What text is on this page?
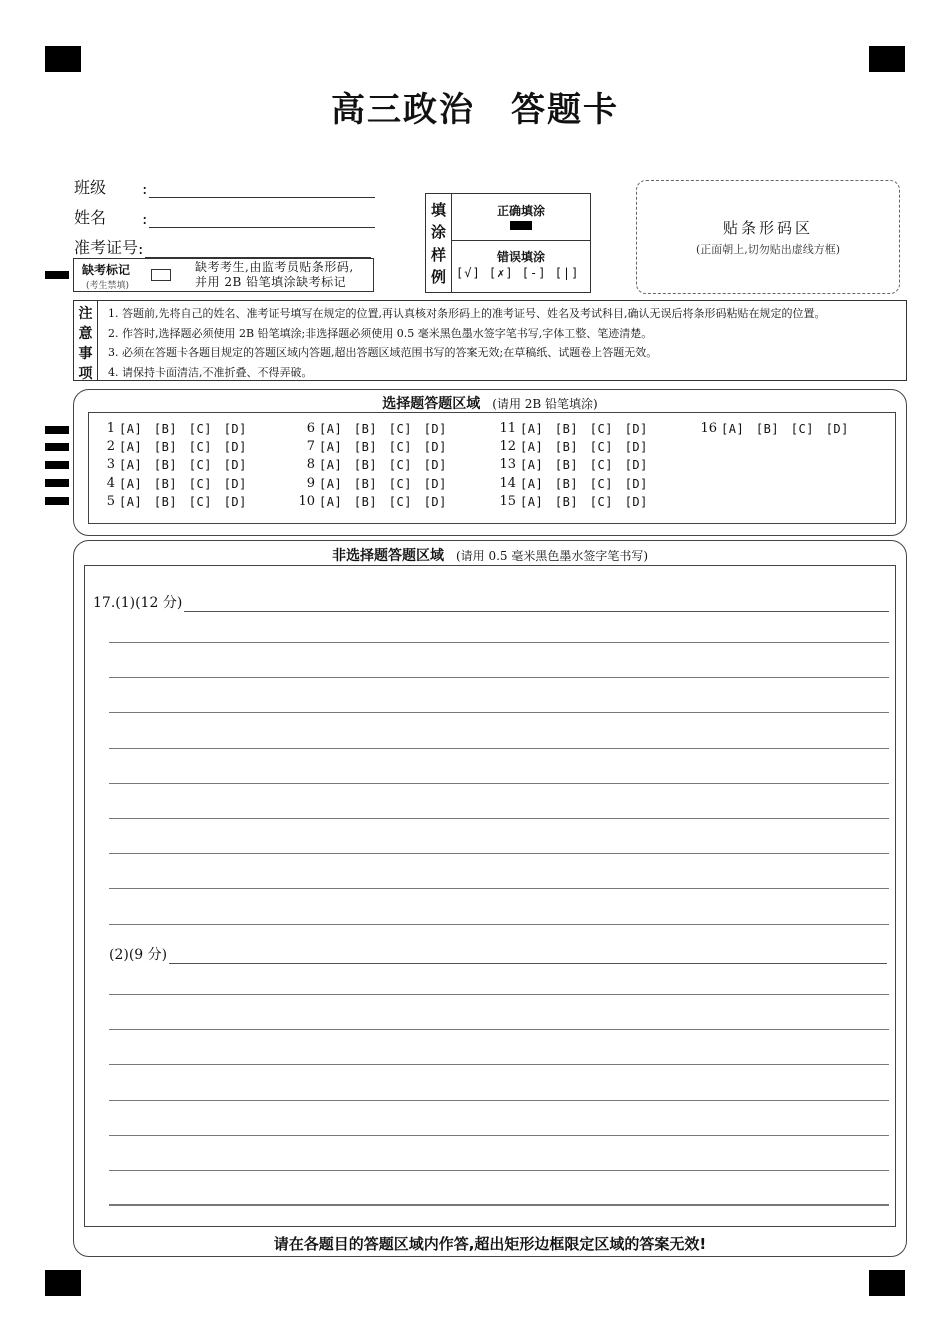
高三政治 答题卡
班级	:
姓名	:
准考证号 :
缺考标记
(考生禁填)
缺考考生,由监考员贴条形码,
并用 2B 铅笔填涂缺考标记
填
涂
样
例
正确填涂
错误填涂
[√] [✗] [-] [|]
贴条形码区
(正面朝上,切勿贴出虚线方框)
注
意
事
项
1. 答题前,先将自己的姓名、准考证号填写在规定的位置,再认真核对条形码上的准考证号、姓名及考试科目,确认无误后将条形码粘贴在规定的位置。
2. 作答时,选择题必须使用 2B 铅笔填涂;非选择题必须使用 0.5 毫米黑色墨水签字笔书写,字体工整、笔迹清楚。
3. 必须在答题卡各题目规定的答题区域内答题,超出答题区域范围书写的答案无效;在草稿纸、试题卷上答题无效。
4. 请保持卡面清洁,不准折叠、不得弄破。
选择题答题区域 (请用 2B 铅笔填涂)
1 [A] [B] [C] [D]
2 [A] [B] [C] [D]
3 [A] [B] [C] [D]
4 [A] [B] [C] [D]
5 [A] [B] [C] [D]
6 [A] [B] [C] [D]
7 [A] [B] [C] [D]
8 [A] [B] [C] [D]
9 [A] [B] [C] [D]
10 [A] [B] [C] [D]
11 [A] [B] [C] [D]
12 [A] [B] [C] [D]
13 [A] [B] [C] [D]
14 [A] [B] [C] [D]
15 [A] [B] [C] [D]
16 [A] [B] [C] [D]
非选择题答题区域 (请用 0.5 毫米黑色墨水签字笔书写)
17.(1)(12 分)
(2)(9 分)
请在各题目的答题区域内作答,超出矩形边框限定区域的答案无效!
